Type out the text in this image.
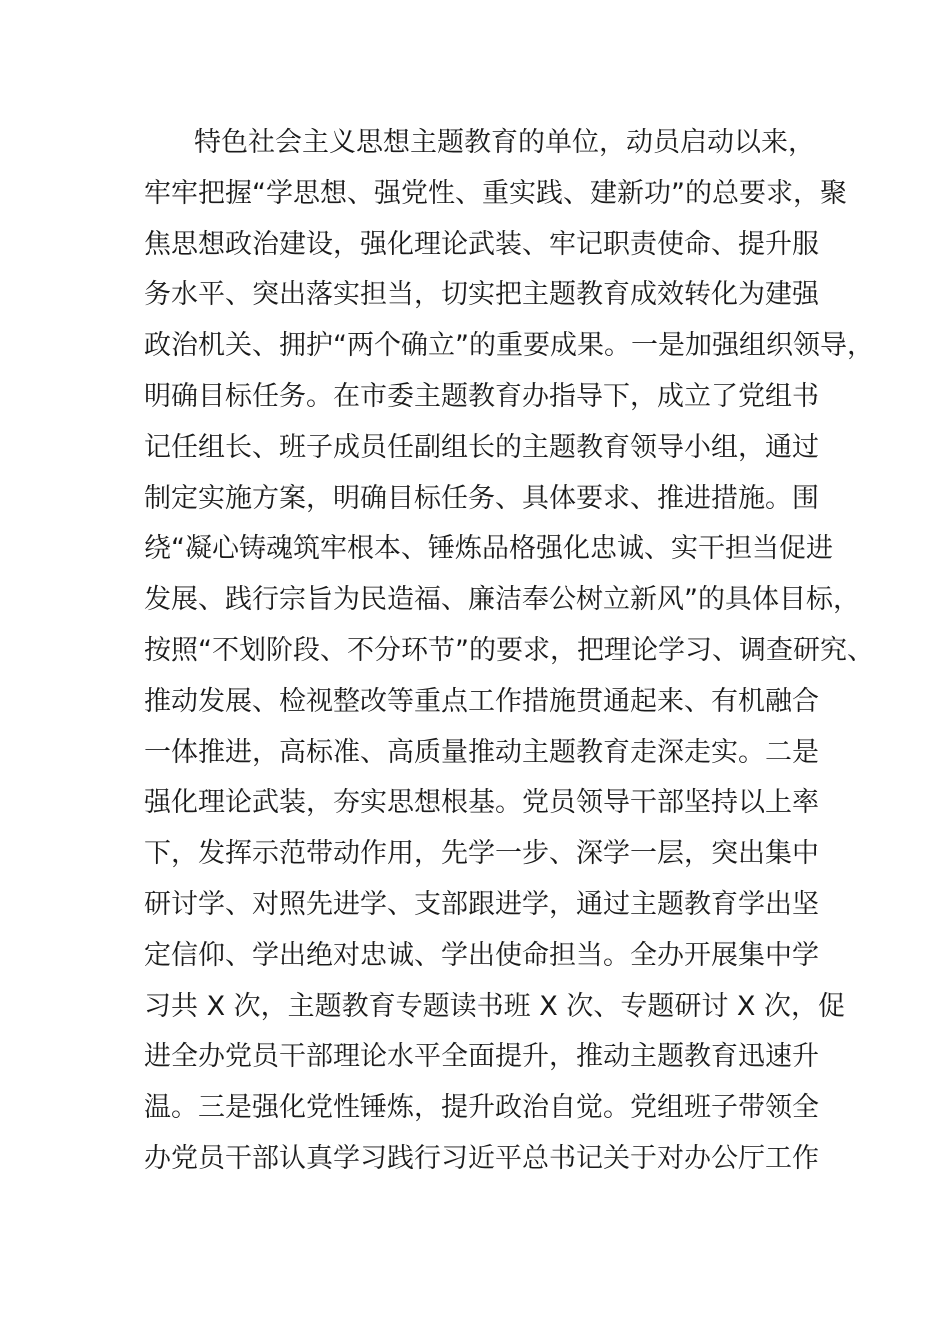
特色社会主义思想主题教育的单位，动员启动以来，
牢牢把握“学思想、强党性、重实践、建新功”的总要求，聚
焦思想政治建设，强化理论武装、牢记职责使命、提升服
务水平、突出落实担当，切实把主题教育成效转化为建强
政治机关、拥护“两个确立”的重要成果。一是加强组织领导，
明确目标任务。在市委主题教育办指导下，成立了党组书
记任组长、班子成员任副组长的主题教育领导小组，通过
制定实施方案，明确目标任务、具体要求、推进措施。围
绕“凝心铸魂筑牢根本、锤炼品格强化忠诚、实干担当促进
发展、践行宗旨为民造福、廉洁奉公树立新风”的具体目标，
按照“不划阶段、不分环节”的要求，把理论学习、调查研究、
推动发展、检视整改等重点工作措施贯通起来、有机融合
一体推进，高标准、高质量推动主题教育走深走实。二是
强化理论武装，夯实思想根基。党员领导干部坚持以上率
下，发挥示范带动作用，先学一步、深学一层，突出集中
研讨学、对照先进学、支部跟进学，通过主题教育学出坚
定信仰、学出绝对忠诚、学出使命担当。全办开展集中学
习共 X 次，主题教育专题读书班 X 次、专题研讨 X 次，促
进全办党员干部理论水平全面提升，推动主题教育迅速升
温。三是强化党性锤炼，提升政治自觉。党组班子带领全
办党员干部认真学习践行习近平总书记关于对办公厅工作
